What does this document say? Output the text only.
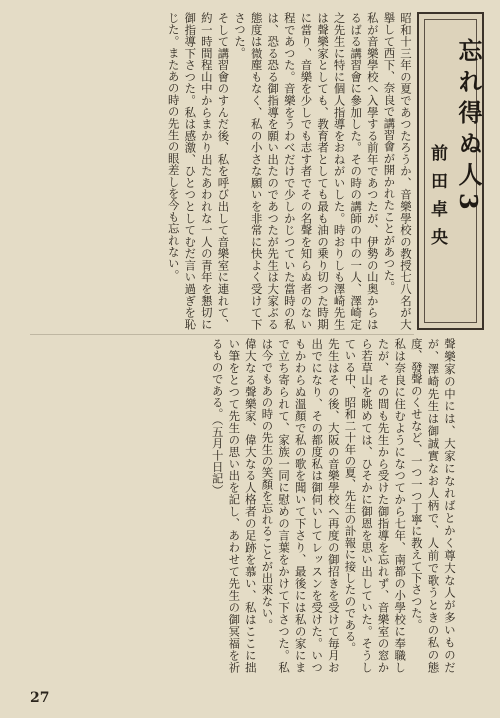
忘れ得ぬ人3
前田卓央
昭和十三年の夏であつたろうか、音樂學校の教授七八名が大擧して西下、奈良で講習會が開かれたことがあつた。
私が音樂學校へ入學する前年であつたが、伊勢の山奥からはるばる講習會に參加した。その時の講師の中の一人、澤崎定之先生に特に個人指導をおねがいした。時おりしも澤崎先生は聲樂家としても、教育者としても最も油の乗り切つた時期に當り、音樂を少しでも志す者でその名聲を知らぬ者のない程であつた。音樂をうわべだけで少しかじつていた當時の私は、恐る恐る御指導を願い出たのであつたが先生は大家ぶる態度は微塵もなく、私の小さな願いを非常に快よく受けて下さつた。
そして講習會のすんだ後、私を呼び出して音樂室に連れて、約一時間程山中からまかり出たあわれな一人の青年を懇切に御指導下さつた。私は感激、ひとつとしてむだ言い過ぎを恥じた。またあの時の先生の眼差しを今も忘れない。
聲樂家の中には、大家になればとかく尊大な人が多いものだが、澤崎先生は御誠實なお人柄で、人前で歌うときの私の態度、發聲のくせなど、一つ一つ丁寧に教えて下さつた。
私は奈良に住むようになつてから七年、南都の小學校に奉職したが、その間も先生から受けた御指導を忘れず、音樂室の窓から若草山を眺めては、ひそかに御恩を思い出していた。そうしている中、昭和二十年の夏、先生の訃報に接したのである。
先生はその後、大阪の音樂學校へ再度の御招きを受けて毎月お出でになり、その都度私は御伺いしてレッスンを受けた。いつもかわらぬ溫顏で私の歌を聞いて下さり、最後には私の家にまで立ち寄られて、家族一同に慰めの言葉をかけて下さつた。私は今でもあの時の先生の笑顏を忘れることが出來ない。
偉大なる聲樂家、偉大なる人格者の足跡を慕い、私はここに拙い筆をとつて先生の思い出を記し、あわせて先生の御冥福を祈るものである。（五月十日記）
27
